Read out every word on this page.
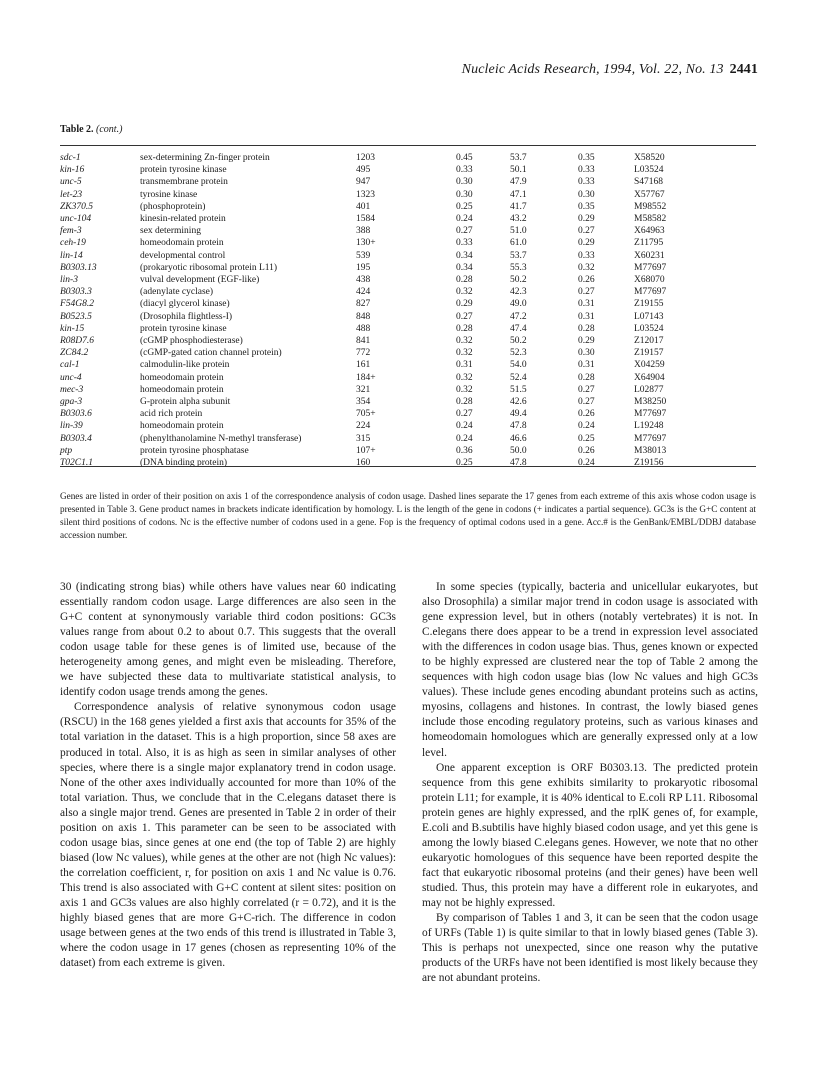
Nucleic Acids Research, 1994, Vol. 22, No. 13 2441
Table 2. (cont.)
sdc-1	sex-determining Zn-finger protein	1203	0.45	53.7	0.35	X58520
kin-16	protein tyrosine kinase	495	0.33	50.1	0.33	L03524
unc-5	transmembrane protein	947	0.30	47.9	0.33	S47168
let-23	tyrosine kinase	1323	0.30	47.1	0.30	X57767
ZK370.5	(phosphoprotein)	401	0.25	41.7	0.35	M98552
unc-104	kinesin-related protein	1584	0.24	43.2	0.29	M58582
fem-3	sex determining	388	0.27	51.0	0.27	X64963
ceh-19	homeodomain protein	130+	0.33	61.0	0.29	Z11795
lin-14	developmental control	539	0.34	53.7	0.33	X60231
B0303.13	(prokaryotic ribosomal protein L11)	195	0.34	55.3	0.32	M77697
lin-3	vulval development (EGF-like)	438	0.28	50.2	0.26	X68070
B0303.3	(adenylate cyclase)	424	0.32	42.3	0.27	M77697
F54G8.2	(diacyl glycerol kinase)	827	0.29	49.0	0.31	Z19155
B0523.5	(Drosophila flightless-I)	848	0.27	47.2	0.31	L07143
kin-15	protein tyrosine kinase	488	0.28	47.4	0.28	L03524
R08D7.6	(cGMP phosphodiesterase)	841	0.32	50.2	0.29	Z12017
ZC84.2	(cGMP-gated cation channel protein)	772	0.32	52.3	0.30	Z19157
cal-1	calmodulin-like protein	161	0.31	54.0	0.31	X04259
unc-4	homeodomain protein	184+	0.32	52.4	0.28	X64904
mec-3	homeodomain protein	321	0.32	51.5	0.27	L02877
gpa-3	G-protein alpha subunit	354	0.28	42.6	0.27	M38250
B0303.6	acid rich protein	705+	0.27	49.4	0.26	M77697
lin-39	homeodomain protein	224	0.24	47.8	0.24	L19248
B0303.4	(phenylthanolamine N-methyl transferase)	315	0.24	46.6	0.25	M77697
ptp	protein tyrosine phosphatase	107+	0.36	50.0	0.26	M38013
T02C1.1	(DNA binding protein)	160	0.25	47.8	0.24	Z19156
Genes are listed in order of their position on axis 1 of the correspondence analysis of codon usage. Dashed lines separate the 17 genes from each extreme of this axis whose codon usage is presented in Table 3. Gene product names in brackets indicate identification by homology. L is the length of the gene in codons (+ indicates a partial sequence). GC3s is the G+C content at silent third positions of codons. Nc is the effective number of codons used in a gene. Fop is the frequency of optimal codons used in a gene. Acc.# is the GenBank/EMBL/DDBJ database accession number.

30 (indicating strong bias) while others have values near 60 indicating essentially random codon usage. Large differences are also seen in the G+C content at synonymously variable third codon positions: GC3s values range from about 0.2 to about 0.7. This suggests that the overall codon usage table for these genes is of limited use, because of the heterogeneity among genes, and might even be misleading. Therefore, we have subjected these data to multivariate statistical analysis, to identify codon usage trends among the genes.

Correspondence analysis of relative synonymous codon usage (RSCU) in the 168 genes yielded a first axis that accounts for 35% of the total variation in the dataset. This is a high proportion, since 58 axes are produced in total. Also, it is as high as seen in similar analyses of other species, where there is a single major explanatory trend in codon usage. None of the other axes individually accounted for more than 10% of the total variation. Thus, we conclude that in the C.elegans dataset there is also a single major trend. Genes are presented in Table 2 in order of their position on axis 1. This parameter can be seen to be associated with codon usage bias, since genes at one end (the top of Table 2) are highly biased (low Nc values), while genes at the other are not (high Nc values): the correlation coefficient, r, for position on axis 1 and Nc value is 0.76. This trend is also associated with G+C content at silent sites: position on axis 1 and GC3s values are also highly correlated (r = 0.72), and it is the highly biased genes that are more G+C-rich. The difference in codon usage between genes at the two ends of this trend is illustrated in Table 3, where the codon usage in 17 genes (chosen as representing 10% of the dataset) from each extreme is given.

In some species (typically, bacteria and unicellular eukaryotes, but also Drosophila) a similar major trend in codon usage is associated with gene expression level, but in others (notably vertebrates) it is not. In C.elegans there does appear to be a trend in expression level associated with the differences in codon usage bias. Thus, genes known or expected to be highly expressed are clustered near the top of Table 2 among the sequences with high codon usage bias (low Nc values and high GC3s values). These include genes encoding abundant proteins such as actins, myosins, collagens and histones. In contrast, the lowly biased genes include those encoding regulatory proteins, such as various kinases and homeodomain homologues which are generally expressed only at a low level.

One apparent exception is ORF B0303.13. The predicted protein sequence from this gene exhibits similarity to prokaryotic ribosomal protein L11; for example, it is 40% identical to E.coli RP L11. Ribosomal protein genes are highly expressed, and the rplK genes of, for example, E.coli and B.subtilis have highly biased codon usage, and yet this gene is among the lowly biased C.elegans genes. However, we note that no other eukaryotic homologues of this sequence have been reported despite the fact that eukaryotic ribosomal proteins (and their genes) have been well studied. Thus, this protein may have a different role in eukaryotes, and may not be highly expressed.

By comparison of Tables 1 and 3, it can be seen that the codon usage of URFs (Table 1) is quite similar to that in lowly biased genes (Table 3). This is perhaps not unexpected, since one reason why the putative products of the URFs have not been identified is most likely because they are not abundant proteins.
